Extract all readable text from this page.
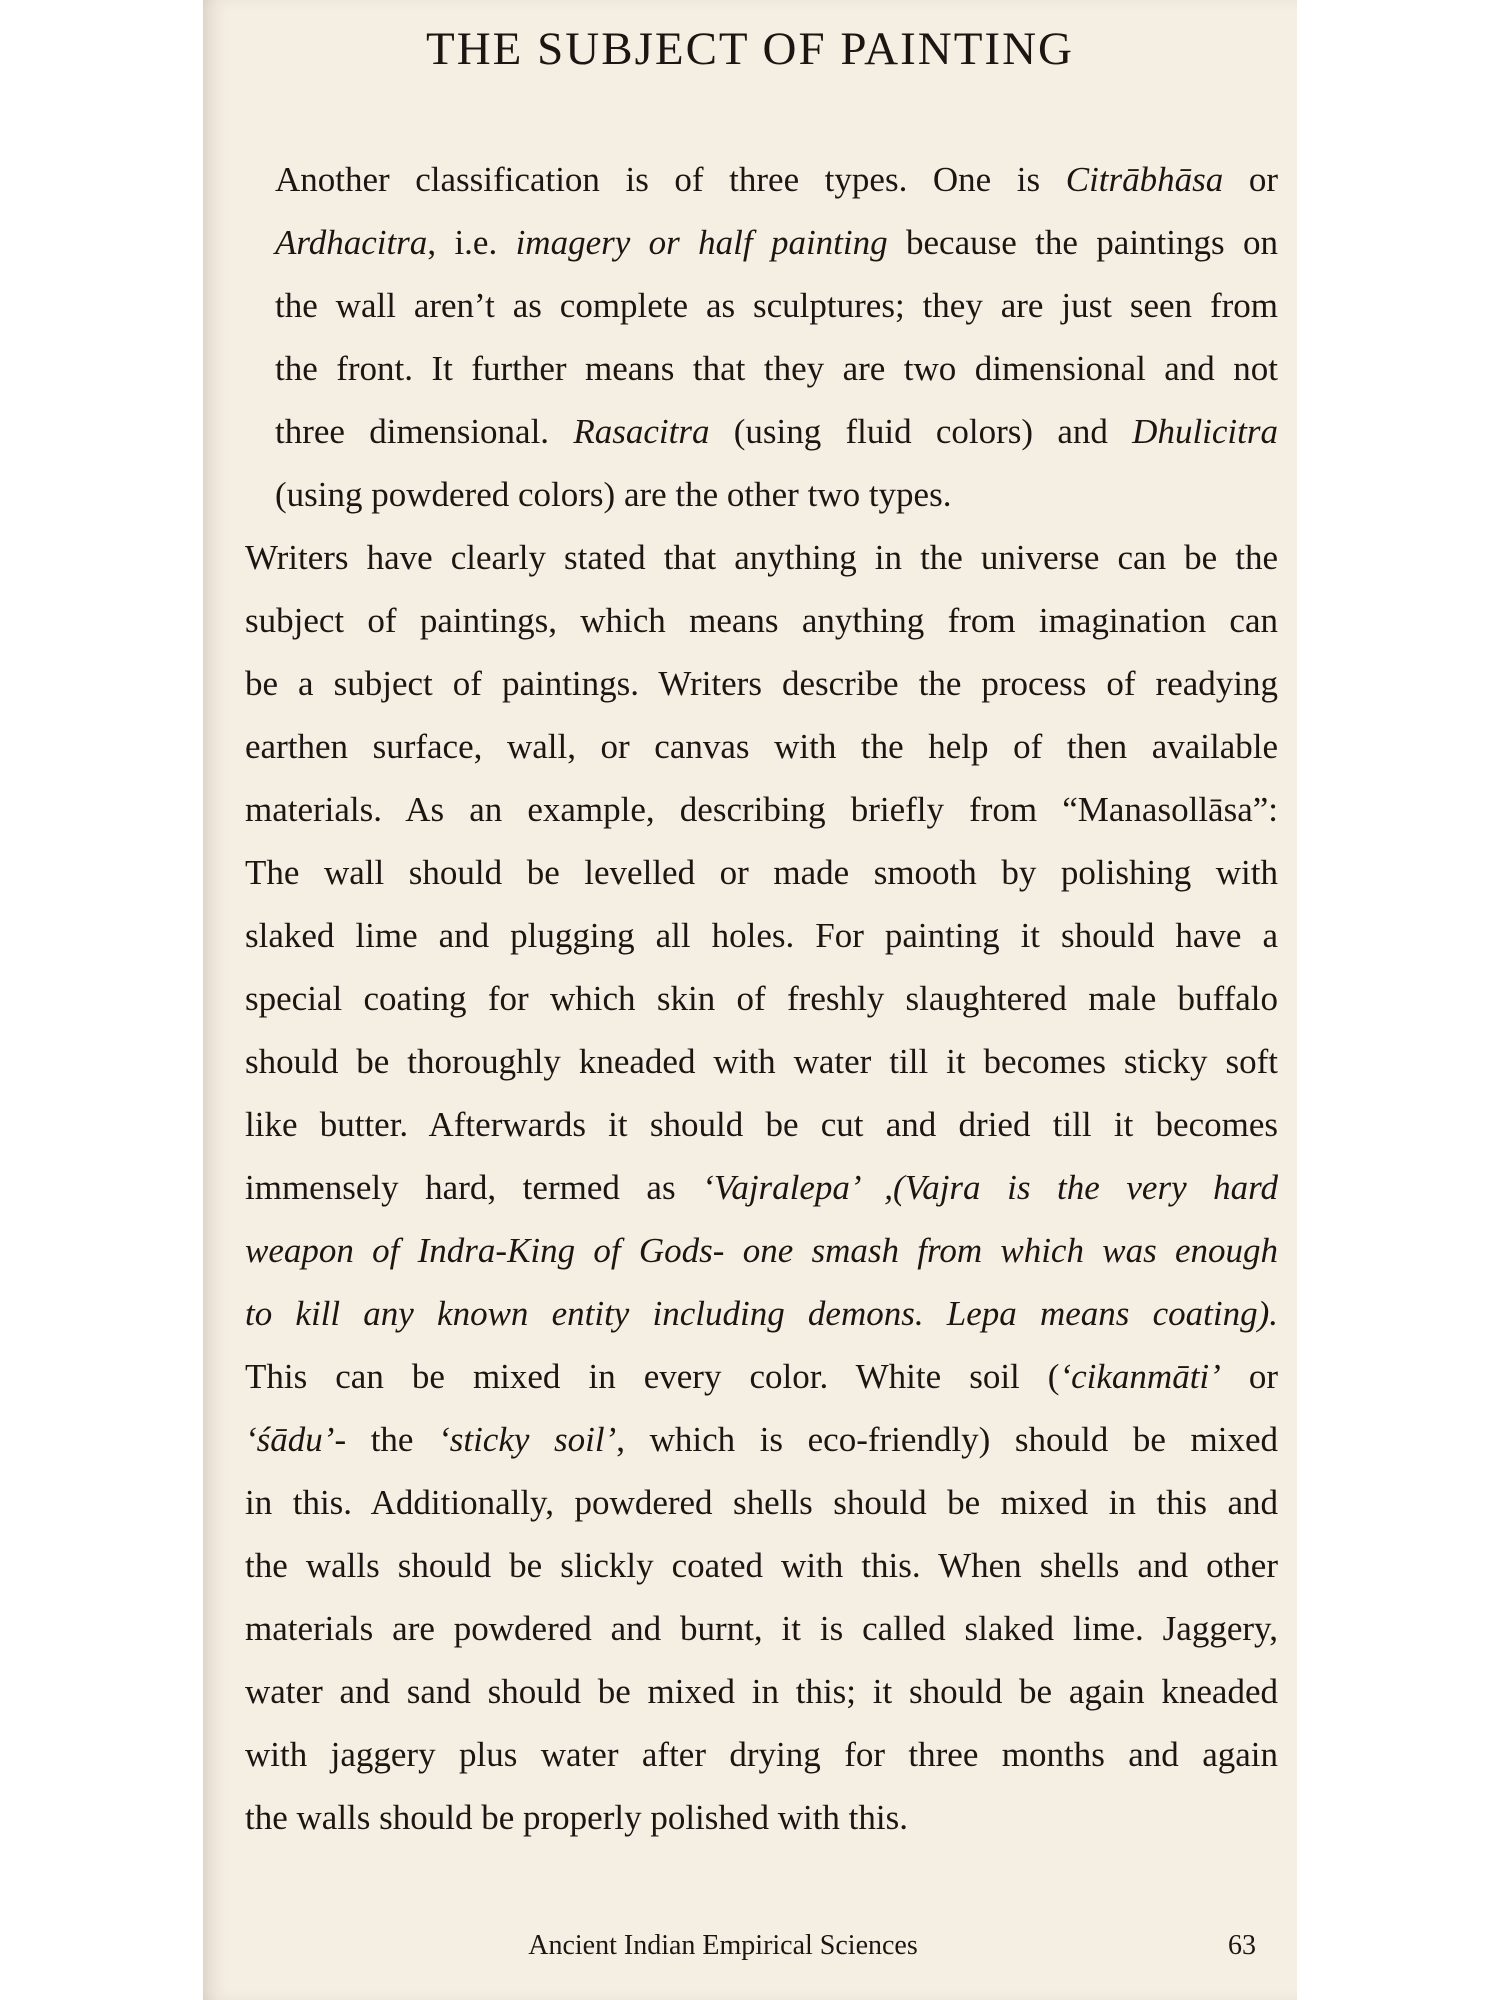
THE SUBJECT OF PAINTING

Another classification is of three types. One is Citrābhāsa or
Ardhacitra, i.e. imagery or half painting because the paintings on
the wall aren’t as complete as sculptures; they are just seen from
the front. It further means that they are two dimensional and not
three dimensional. Rasacitra (using fluid colors) and Dhulicitra
(using powdered colors) are the other two types.

Writers have clearly stated that anything in the universe can be the
subject of paintings, which means anything from imagination can
be a subject of paintings. Writers describe the process of readying
earthen surface, wall, or canvas with the help of then available
materials. As an example, describing briefly from “Manasollāsa”:
The wall should be levelled or made smooth by polishing with
slaked lime and plugging all holes. For painting it should have a
special coating for which skin of freshly slaughtered male buffalo
should be thoroughly kneaded with water till it becomes sticky soft
like butter. Afterwards it should be cut and dried till it becomes
immensely hard, termed as ‘Vajralepa’ ,(Vajra is the very hard
weapon of Indra-King of Gods- one smash from which was enough
to kill any known entity including demons. Lepa means coating).
This can be mixed in every color. White soil (‘cikanmāti’ or
‘śādu’- the ‘sticky soil’, which is eco-friendly) should be mixed
in this. Additionally, powdered shells should be mixed in this and
the walls should be slickly coated with this. When shells and other
materials are powdered and burnt, it is called slaked lime. Jaggery,
water and sand should be mixed in this; it should be again kneaded
with jaggery plus water after drying for three months and again
the walls should be properly polished with this.

Ancient Indian Empirical Sciences	63
